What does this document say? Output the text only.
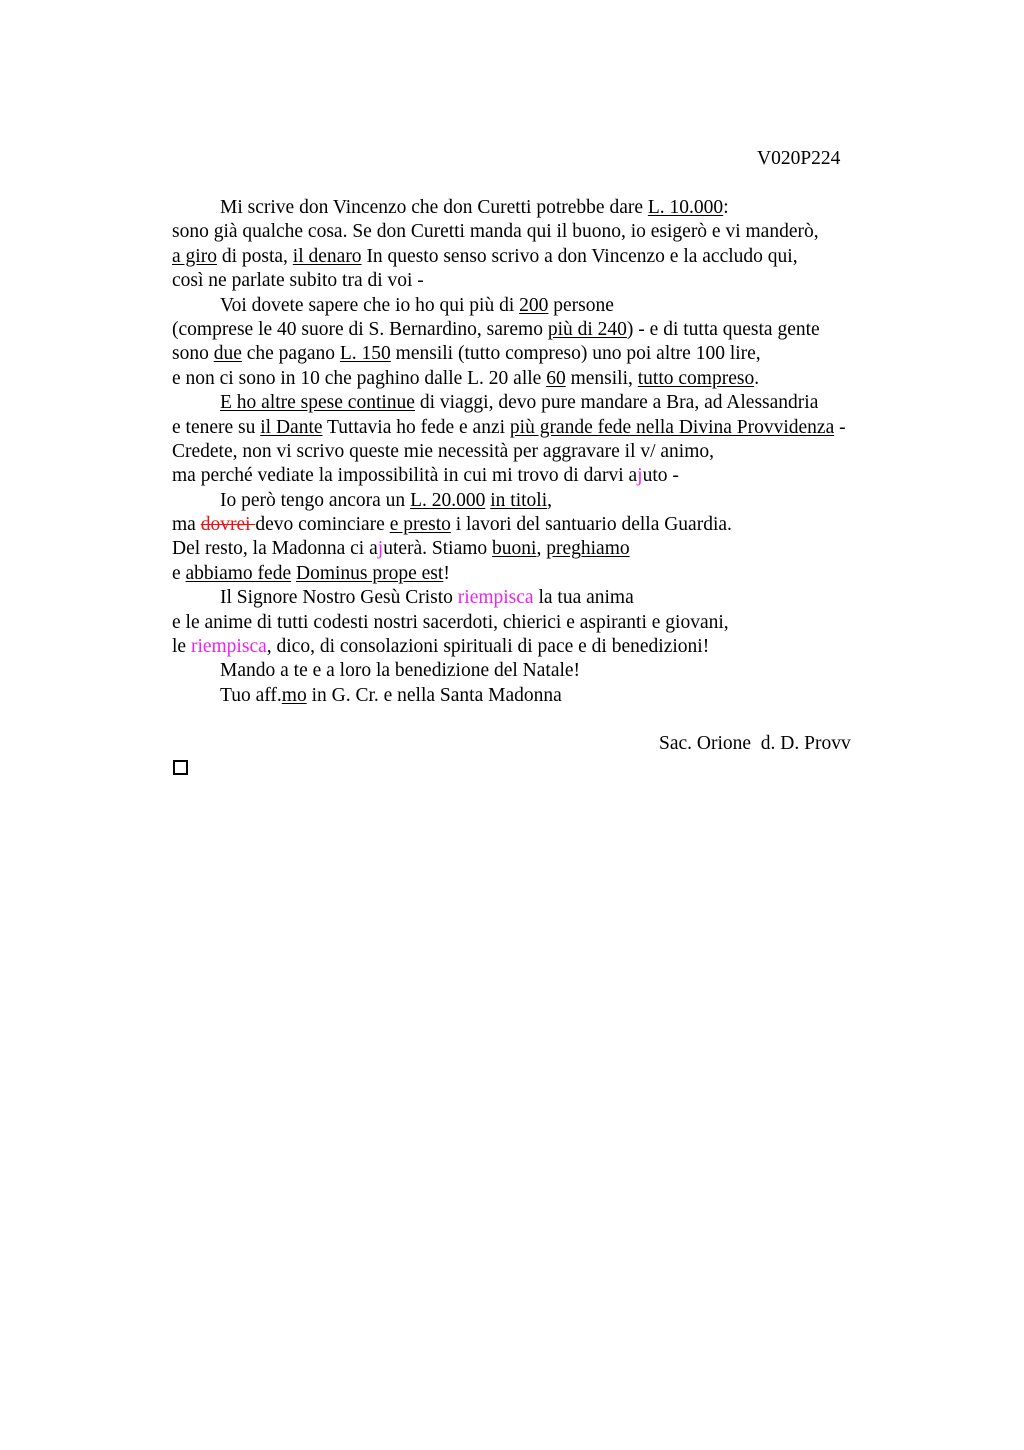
V020P224
Mi scrive don Vincenzo che don Curetti potrebbe dare L. 10.000:
sono già qualche cosa. Se don Curetti manda qui il buono, io esigerò e vi manderò,
a giro di posta, il denaro In questo senso scrivo a don Vincenzo e la accludo qui,
così ne parlate subito tra di voi -
Voi dovete sapere che io ho qui più di 200 persone
(comprese le 40 suore di S. Bernardino, saremo più di 240) - e di tutta questa gente
sono due che pagano L. 150 mensili (tutto compreso) uno poi altre 100 lire,
e non ci sono in 10 che paghino dalle L. 20 alle 60 mensili, tutto compreso.
E ho altre spese continue di viaggi, devo pure mandare a Bra, ad Alessandria
e tenere su il Dante Tuttavia ho fede e anzi più grande fede nella Divina Provvidenza -
Credete, non vi scrivo queste mie necessità per aggravare il v/ animo,
ma perché vediate la impossibilità in cui mi trovo di darvi ajuto -
Io però tengo ancora un L. 20.000 in titoli,
ma dovrei devo cominciare e presto i lavori del santuario della Guardia.
Del resto, la Madonna ci ajuterà. Stiamo buoni, preghiamo
e abbiamo fede Dominus prope est!
Il Signore Nostro Gesù Cristo riempisca la tua anima
e le anime di tutti codesti nostri sacerdoti, chierici e aspiranti e giovani,
le riempisca, dico, di consolazioni spirituali di pace e di benedizioni!
Mando a te e a loro la benedizione del Natale!
Tuo aff.mo in G. Cr. e nella Santa Madonna
Sac. Orione  d. D. Provv
